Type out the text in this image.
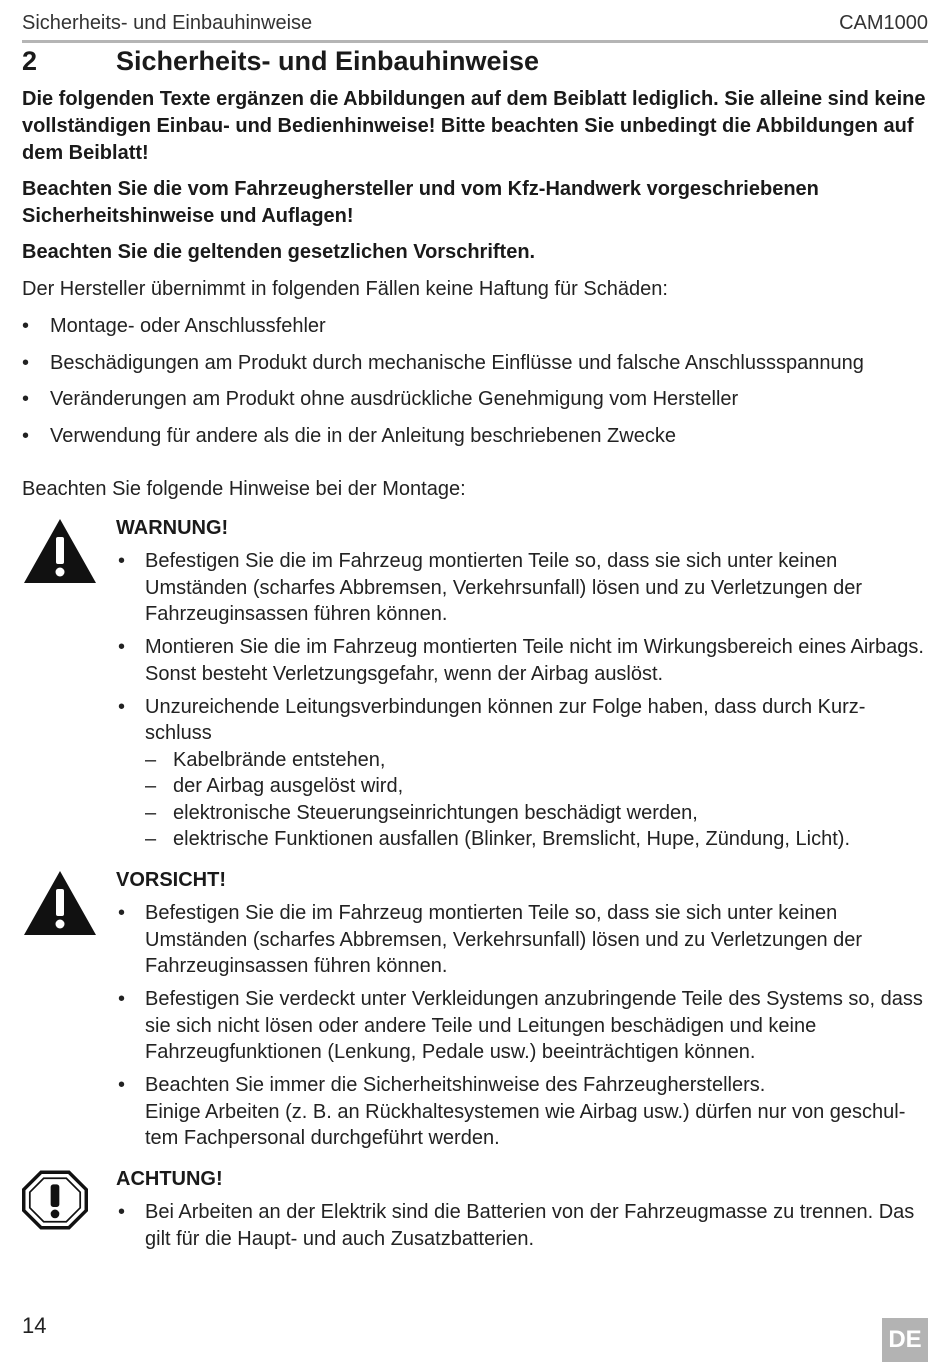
Sicherheits- und Einbauhinweise	CAM1000
2	Sicherheits- und Einbauhinweise
Die folgenden Texte ergänzen die Abbildungen auf dem Beiblatt lediglich. Sie alleine sind keine vollständigen Einbau- und Bedienhinweise! Bitte beachten Sie unbedingt die Abbildungen auf dem Beiblatt!
Beachten Sie die vom Fahrzeughersteller und vom Kfz-Handwerk vorgeschriebenen Sicherheitshinweise und Auflagen!
Beachten Sie die geltenden gesetzlichen Vorschriften.
Der Hersteller übernimmt in folgenden Fällen keine Haftung für Schäden:
• Montage- oder Anschlussfehler
• Beschädigungen am Produkt durch mechanische Einflüsse und falsche Anschlussspannung
• Veränderungen am Produkt ohne ausdrückliche Genehmigung vom Hersteller
• Verwendung für andere als die in der Anleitung beschriebenen Zwecke
Beachten Sie folgende Hinweise bei der Montage:
WARNUNG!
• Befestigen Sie die im Fahrzeug montierten Teile so, dass sie sich unter keinen Umständen (scharfes Abbremsen, Verkehrsunfall) lösen und zu Verletzungen der Fahrzeuginsassen führen können.
• Montieren Sie die im Fahrzeug montierten Teile nicht im Wirkungsbereich eines Airbags. Sonst besteht Verletzungsgefahr, wenn der Airbag auslöst.
• Unzureichende Leitungsverbindungen können zur Folge haben, dass durch Kurz- schluss
– Kabelbrände entstehen,
– der Airbag ausgelöst wird,
– elektronische Steuerungseinrichtungen beschädigt werden,
– elektrische Funktionen ausfallen (Blinker, Bremslicht, Hupe, Zündung, Licht).
VORSICHT!
• Befestigen Sie die im Fahrzeug montierten Teile so, dass sie sich unter keinen Umständen (scharfes Abbremsen, Verkehrsunfall) lösen und zu Verletzungen der Fahrzeuginsassen führen können.
• Befestigen Sie verdeckt unter Verkleidungen anzubringende Teile des Systems so, dass sie sich nicht lösen oder andere Teile und Leitungen beschädigen und keine Fahrzeugfunktionen (Lenkung, Pedale usw.) beeinträchtigen können.
• Beachten Sie immer die Sicherheitshinweise des Fahrzeugherstellers.
Einige Arbeiten (z. B. an Rückhaltesystemen wie Airbag usw.) dürfen nur von geschul- tem Fachpersonal durchgeführt werden.
ACHTUNG!
• Bei Arbeiten an der Elektrik sind die Batterien von der Fahrzeugmasse zu trennen. Das gilt für die Haupt- und auch Zusatzbatterien.
14
DE
